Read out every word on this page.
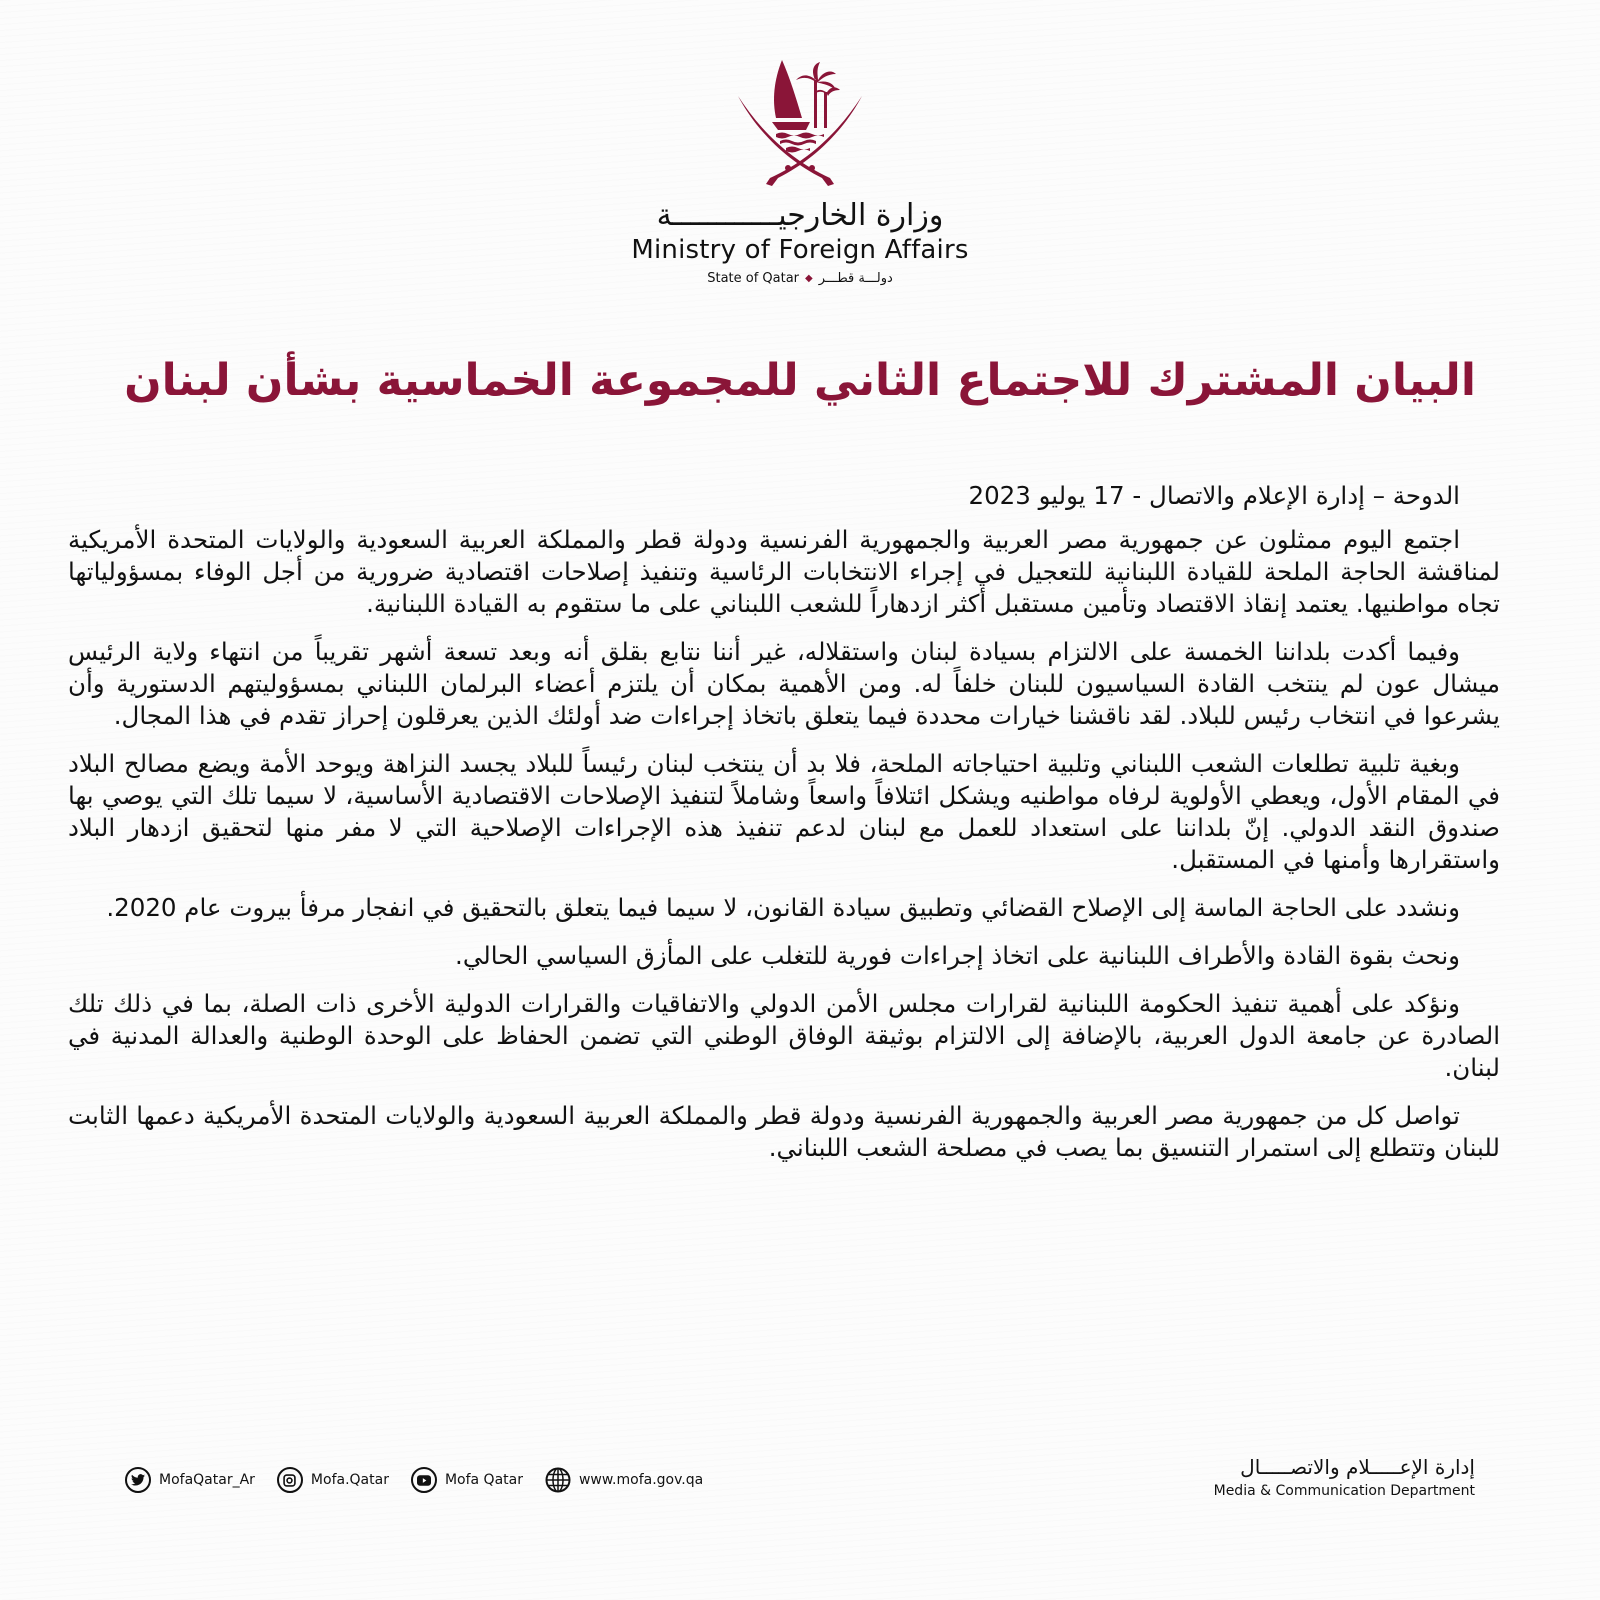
وزارة الخارجيــــــــــــة
Ministry of Foreign Affairs
State of Qatar ◆ دولـــة قطـــر
البيان المشترك للاجتماع الثاني للمجموعة الخماسية بشأن لبنان

الدوحة – إدارة الإعلام والاتصال - 17 يوليو 2023

اجتمع اليوم ممثلون عن جمهورية مصر العربية والجمهورية الفرنسية ودولة قطر والمملكة العربية السعودية والولايات المتحدة الأمريكية لمناقشة الحاجة الملحة للقيادة اللبنانية للتعجيل في إجراء الانتخابات الرئاسية وتنفيذ إصلاحات اقتصادية ضرورية من أجل الوفاء بمسؤولياتها تجاه مواطنيها. يعتمد إنقاذ الاقتصاد وتأمين مستقبل أكثر ازدهاراً للشعب اللبناني على ما ستقوم به القيادة اللبنانية.

وفيما أكدت بلداننا الخمسة على الالتزام بسيادة لبنان واستقلاله، غير أننا نتابع بقلق أنه وبعد تسعة أشهر تقريباً من انتهاء ولاية الرئيس ميشال عون لم ينتخب القادة السياسيون للبنان خلفاً له. ومن الأهمية بمكان أن يلتزم أعضاء البرلمان اللبناني بمسؤوليتهم الدستورية وأن يشرعوا في انتخاب رئيس للبلاد. لقد ناقشنا خيارات محددة فيما يتعلق باتخاذ إجراءات ضد أولئك الذين يعرقلون إحراز تقدم في هذا المجال.

وبغية تلبية تطلعات الشعب اللبناني وتلبية احتياجاته الملحة، فلا بد أن ينتخب لبنان رئيساً للبلاد يجسد النزاهة ويوحد الأمة ويضع مصالح البلاد في المقام الأول، ويعطي الأولوية لرفاه مواطنيه ويشكل ائتلافاً واسعاً وشاملاً لتنفيذ الإصلاحات الاقتصادية الأساسية، لا سيما تلك التي يوصي بها صندوق النقد الدولي. إنّ بلداننا على استعداد للعمل مع لبنان لدعم تنفيذ هذه الإجراءات الإصلاحية التي لا مفر منها لتحقيق ازدهار البلاد واستقرارها وأمنها في المستقبل.

ونشدد على الحاجة الماسة إلى الإصلاح القضائي وتطبيق سيادة القانون، لا سيما فيما يتعلق بالتحقيق في انفجار مرفأ بيروت عام 2020.

ونحث بقوة القادة والأطراف اللبنانية على اتخاذ إجراءات فورية للتغلب على المأزق السياسي الحالي.

ونؤكد على أهمية تنفيذ الحكومة اللبنانية لقرارات مجلس الأمن الدولي والاتفاقيات والقرارات الدولية الأخرى ذات الصلة، بما في ذلك تلك الصادرة عن جامعة الدول العربية، بالإضافة إلى الالتزام بوثيقة الوفاق الوطني التي تضمن الحفاظ على الوحدة الوطنية والعدالة المدنية في لبنان.

تواصل كل من جمهورية مصر العربية والجمهورية الفرنسية ودولة قطر والمملكة العربية السعودية والولايات المتحدة الأمريكية دعمها الثابت للبنان وتتطلع إلى استمرار التنسيق بما يصب في مصلحة الشعب اللبناني.

MofaQatar_Ar	Mofa.Qatar	Mofa Qatar	www.mofa.gov.qa
إدارة الإعـــــلام والاتصـــــال
Media & Communication Department
